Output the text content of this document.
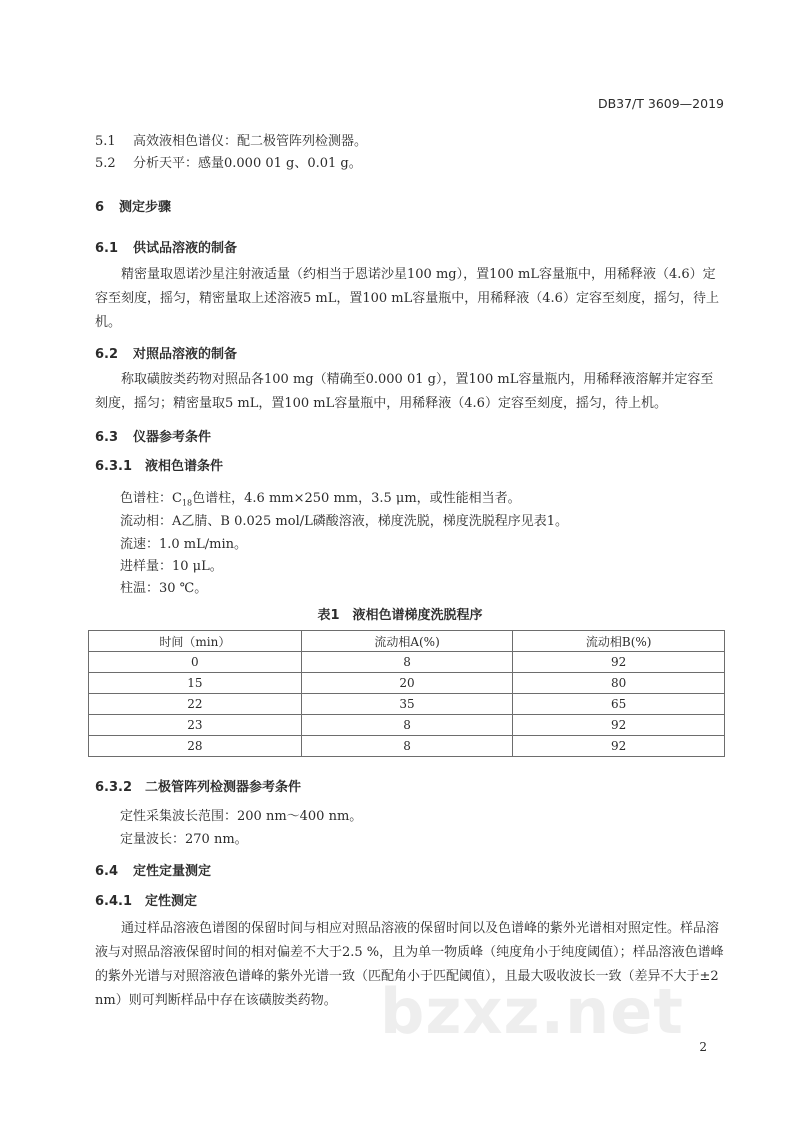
DB37/T 3609—2019
5.1 高效液相色谱仪：配二极管阵列检测器。
5.2 分析天平：感量0.000 01 g、0.01 g。
6 测定步骤
6.1 供试品溶液的制备
精密量取恩诺沙星注射液适量（约相当于恩诺沙星100 mg），置100 mL容量瓶中，用稀释液（4.6）定容至刻度，摇匀，精密量取上述溶液5 mL，置100 mL容量瓶中，用稀释液（4.6）定容至刻度，摇匀，待上机。
6.2 对照品溶液的制备
称取磺胺类药物对照品各100 mg（精确至0.000 01 g），置100 mL容量瓶内，用稀释液溶解并定容至刻度，摇匀；精密量取5 mL，置100 mL容量瓶中，用稀释液（4.6）定容至刻度，摇匀，待上机。
6.3 仪器参考条件
6.3.1 液相色谱条件
色谱柱：$C_{18}$色谱柱，4.6 mm×250 mm，3.5 μm，或性能相当者。
流动相：A乙腈、B 0.025 mol/L磷酸溶液，梯度洗脱，梯度洗脱程序见表1。
流速：1.0 mL/min。
进样量：10 μL。
柱温：30 ℃。
表1　液相色谱梯度洗脱程序
时间（min）	流动相A(%)	流动相B(%)
0	8	92
15	20	80
22	35	65
23	8	92
28	8	92
6.3.2 二极管阵列检测器参考条件
定性采集波长范围：200 nm～400 nm。
定量波长：270 nm。
6.4 定性定量测定
6.4.1 定性测定
通过样品溶液色谱图的保留时间与相应对照品溶液的保留时间以及色谱峰的紫外光谱相对照定性。样品溶液与对照品溶液保留时间的相对偏差不大于2.5 %，且为单一物质峰（纯度角小于纯度阈值）；样品溶液色谱峰的紫外光谱与对照溶液色谱峰的紫外光谱一致（匹配角小于匹配阈值），且最大吸收波长一致（差异不大于±2 nm）则可判断样品中存在该磺胺类药物。 bzxz.net 2
